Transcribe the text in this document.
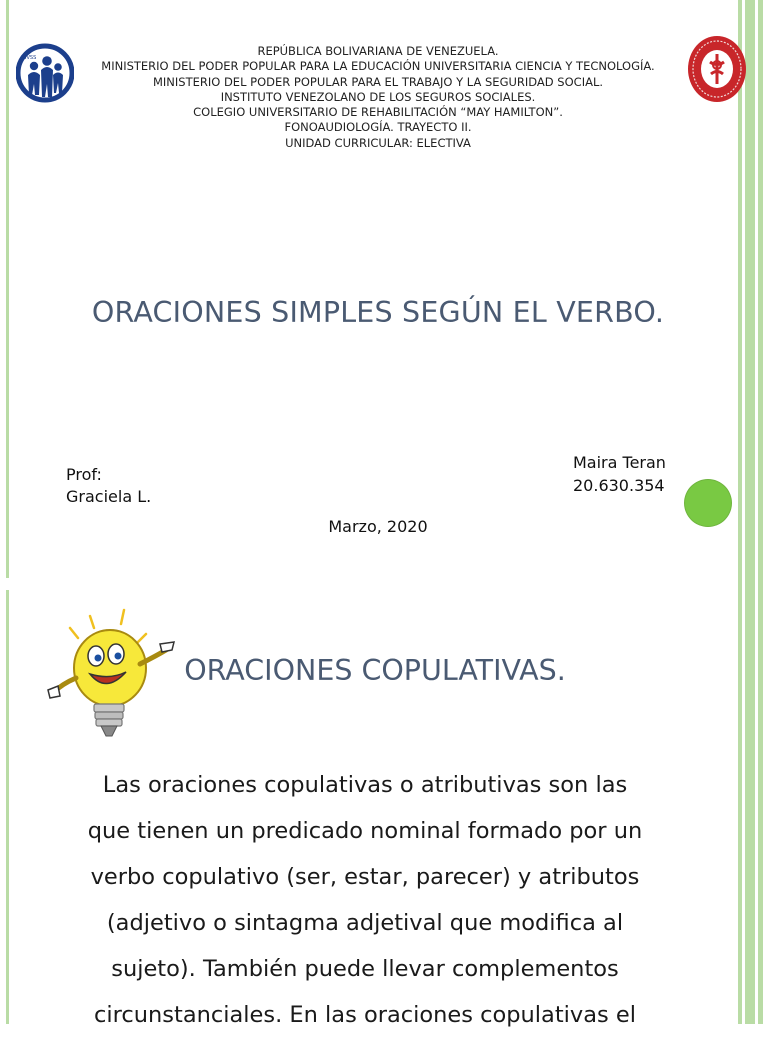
IVSS	REPÚBLICA BOLIVARIANA DE VENEZUELA.
MINISTERIO DEL PODER POPULAR PARA LA EDUCACIÓN UNIVERSITARIA CIENCIA Y TECNOLOGÍA.
MINISTERIO DEL PODER POPULAR PARA EL TRABAJO Y LA SEGURIDAD SOCIAL.
INSTITUTO VENEZOLANO DE LOS SEGUROS SOCIALES.
COLEGIO UNIVERSITARIO DE REHABILITACIÓN “MAY HAMILTON”.
FONOAUDIOLOGÍA. TRAYECTO II.
UNIDAD CURRICULAR: ELECTIVA
ORACIONES SIMPLES SEGÚN EL VERBO.
Prof:
Graciela L.
Maira Teran
20.630.354
Marzo, 2020
ORACIONES COPULATIVAS.
Las oraciones copulativas o atributivas son las
que tienen un predicado nominal formado por un
verbo copulativo (ser, estar, parecer) y atributos
(adjetivo o sintagma adjetival que modifica al
sujeto). También puede llevar complementos
circunstanciales. En las oraciones copulativas el
